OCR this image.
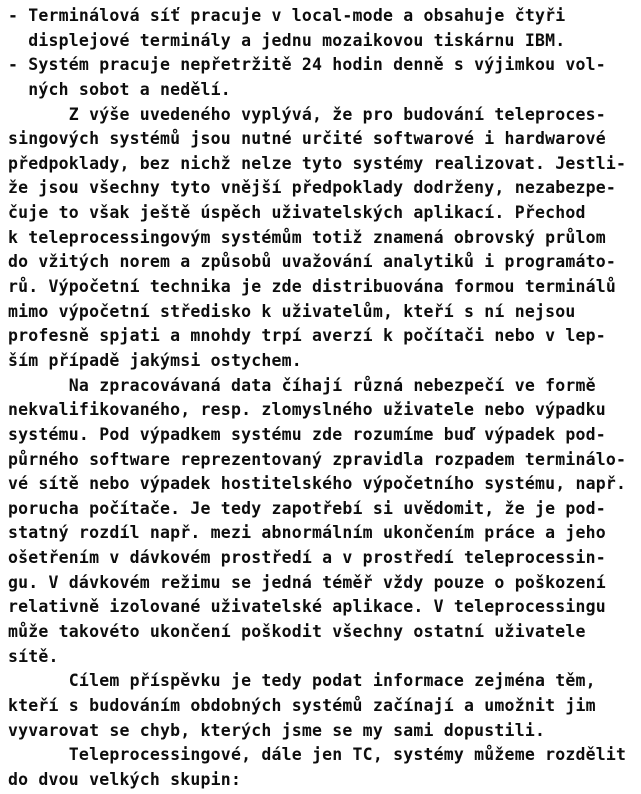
- Terminálová síť pracuje v local-mode a obsahuje čtyři
displejové terminály a jednu mozaikovou tiskárnu IBM.
- Systém pracuje nepřetržitě 24 hodin denně s výjimkou vol-
ných sobot a nedělí.
Z výše uvedeného vyplývá, že pro budování teleproces-
singových systémů jsou nutné určité softwarové i hardwarové
předpoklady, bez nichž nelze tyto systémy realizovat. Jestli-
že jsou všechny tyto vnější předpoklady dodrženy, nezabezpe-
čuje to však ještě úspěch uživatelských aplikací. Přechod
k teleprocessingovým systémům totiž znamená obrovský průlom
do vžitých norem a způsobů uvažování analytiků i programáto-
rů. Výpočetní technika je zde distribuována formou terminálů
mimo výpočetní středisko k uživatelům, kteří s ní nejsou
profesně spjati a mnohdy trpí averzí k počítači nebo v lep-
ším případě jakýmsi ostychem.
Na zpracovávaná data číhají různá nebezpečí ve formě
nekvalifikovaného, resp. zlomyslného uživatele nebo výpadku
systému. Pod výpadkem systému zde rozumíme buď výpadek pod-
půrného software reprezentovaný zpravidla rozpadem terminálo-
vé sítě nebo výpadek hostitelského výpočetního systému, např.
porucha počítače. Je tedy zapotřebí si uvědomit, že je pod-
statný rozdíl např. mezi abnormálním ukončením práce a jeho
ošetřením v dávkovém prostředí a v prostředí teleprocessin-
gu. V dávkovém režimu se jedná téměř vždy pouze o poškození
relativně izolované uživatelské aplikace. V teleprocessingu
může takovéto ukončení poškodit všechny ostatní uživatele
sítě.
Cílem příspěvku je tedy podat informace zejména těm,
kteří s budováním obdobných systémů začínají a umožnit jim
vyvarovat se chyb, kterých jsme se my sami dopustili.
Teleprocessingové, dále jen TC, systémy můžeme rozdělit
do dvou velkých skupin:
